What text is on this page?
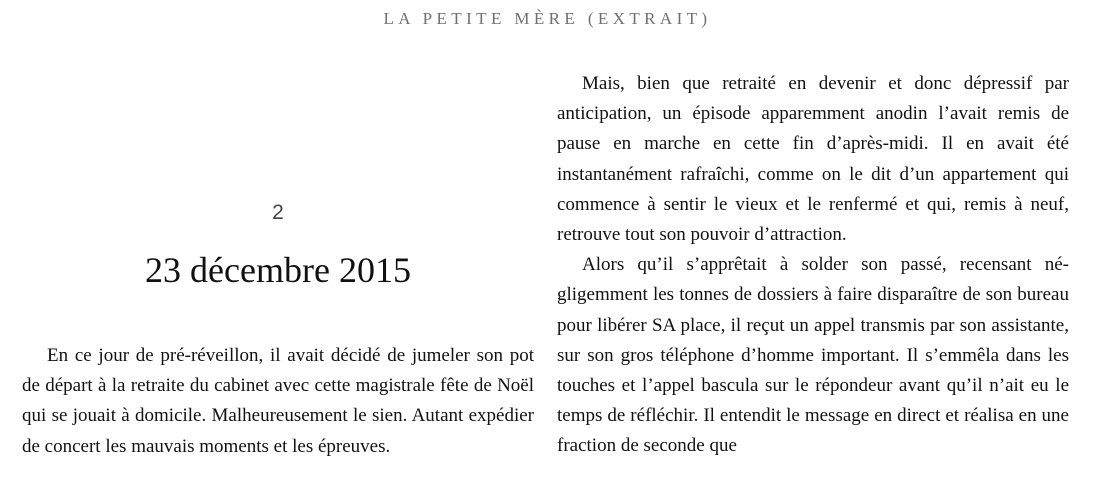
LA PETITE MÈRE (EXTRAIT)
2
23 décembre 2015

En ce jour de pré-réveillon, il avait décidé de jumeler son pot de départ à la retraite du cabinet avec cette magistrale fête de Noël qui se jouait à domicile. Malheureusement le sien. Autant expédier de concert les mauvais moments et les épreuves.

Mais, bien que retraité en devenir et donc dépressif par anticipation, un épisode apparemment anodin l’avait remis de pause en marche en cette fin d’après-midi. Il en avait été instantanément rafraîchi, comme on le dit d’un appartement qui commence à sentir le vieux et le renfermé et qui, remis à neuf, retrouve tout son pouvoir d’attraction.

Alors qu’il s’apprêtait à solder son passé, recensant négligemment les tonnes de dossiers à faire disparaître de son bureau pour libérer SA place, il reçut un appel transmis par son assistante, sur son gros téléphone d’homme important. Il s’emmêla dans les touches et l’appel bascula sur le répondeur avant qu’il n’ait eu le temps de réfléchir. Il entendit le message en direct et réalisa en une fraction de seconde que
